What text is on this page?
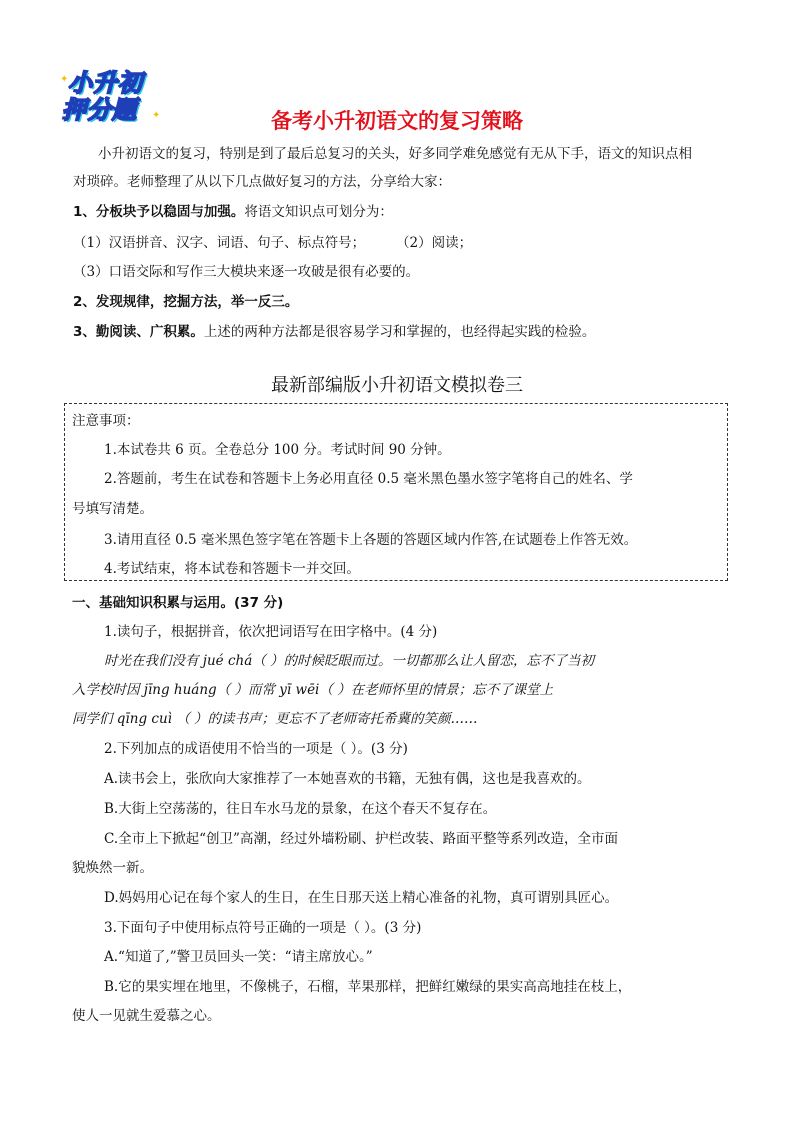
小升初
押分题
✦
✦	备考小升初语文的复习策略
小升初语文的复习，特别是到了最后总复习的关头，好多同学难免感觉有无从下手，语文的知识点相
对琐碎。老师整理了从以下几点做好复习的方法，分享给大家：
1、分板块予以稳固与加强。将语文知识点可划分为：
（1）汉语拼音、汉字、词语、句子、标点符号； （2）阅读；
（3）口语交际和写作三大模块来逐一攻破是很有必要的。
2、发现规律，挖掘方法，举一反三。
3、勤阅读、广积累。上述的两种方法都是很容易学习和掌握的，也经得起实践的检验。
最新部编版小升初语文模拟卷三
注意事项：
1.本试卷共 6 页。全卷总分 100 分。考试时间 90 分钟。
2.答题前，考生在试卷和答题卡上务必用直径 0.5 毫米黑色墨水签字笔将自己的姓名、学
号填写清楚。
3.请用直径 0.5 毫米黑色签字笔在答题卡上各题的答题区域内作答,在试题卷上作答无效。
4.考试结束，将本试卷和答题卡一并交回。
一、基础知识积累与运用。(37 分)
1.读句子，根据拼音，依次把词语写在田字格中。(4 分)
时光在我们没有 jué chá（ ）的时候眨眼而过。一切都那么让人留恋，忘不了当初
入学校时因 jīng huáng（ ）而常 yī wēi（ ）在老师怀里的情景；忘不了课堂上
同学们 qīng cuì （ ）的读书声；更忘不了老师寄托希冀的笑颜……
2.下列加点的成语使用不恰当的一项是（ ）。(3 分)
A.读书会上，张欣向大家推荐了一本她喜欢的书籍，无独有偶，这也是我喜欢的。
B.大街上空荡荡的，往日车水马龙的景象，在这个春天不复存在。
C.全市上下掀起“创卫”高潮，经过外墙粉刷、护栏改装、路面平整等系列改造，全市面
貌焕然一新。
D.妈妈用心记在每个家人的生日，在生日那天送上精心准备的礼物，真可谓别具匠心。
3.下面句子中使用标点符号正确的一项是（ ）。(3 分)
A.“知道了,”警卫员回头一笑：“请主席放心。”
B.它的果实埋在地里，不像桃子，石榴，苹果那样，把鲜红嫩绿的果实高高地挂在枝上，
使人一见就生爱慕之心。
